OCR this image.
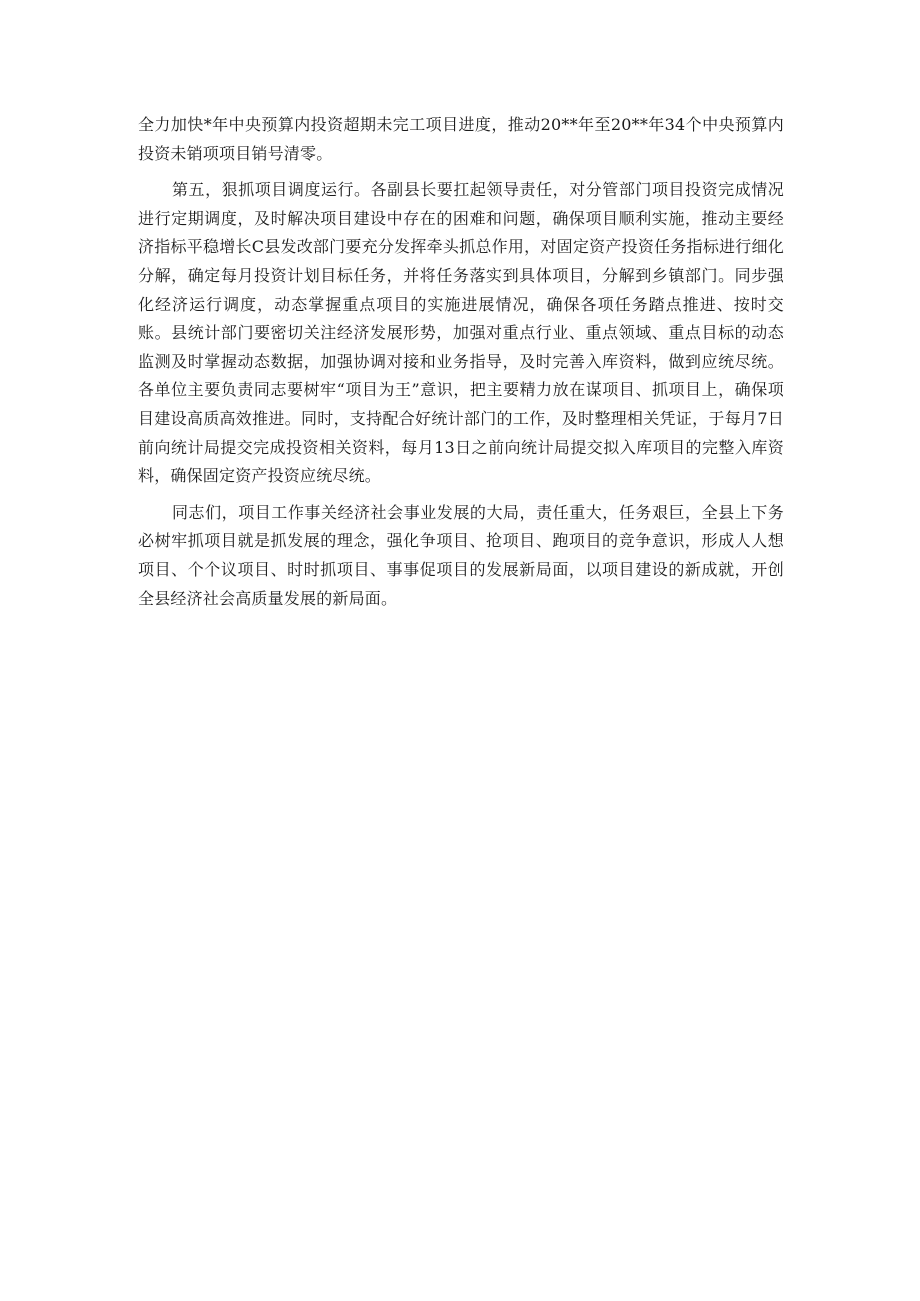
全力加快*年中央预算内投资超期未完工项目进度，推动20**年至20**年34个中央预算内投资未销项项目销号清零。

第五，狠抓项目调度运行。各副县长要扛起领导责任，对分管部门项目投资完成情况进行定期调度，及时解决项目建设中存在的困难和问题，确保项目顺利实施，推动主要经济指标平稳增长C县发改部门要充分发挥牵头抓总作用，对固定资产投资任务指标进行细化分解，确定每月投资计划目标任务，并将任务落实到具体项目，分解到乡镇部门。同步强化经济运行调度，动态掌握重点项目的实施进展情况，确保各项任务踏点推进、按时交账。县统计部门要密切关注经济发展形势，加强对重点行业、重点领域、重点目标的动态监测及时掌握动态数据，加强协调对接和业务指导，及时完善入库资料，做到应统尽统。各单位主要负责同志要树牢“项目为王”意识，把主要精力放在谋项目、抓项目上，确保项目建设高质高效推进。同时，支持配合好统计部门的工作，及时整理相关凭证，于每月7日前向统计局提交完成投资相关资料，每月13日之前向统计局提交拟入库项目的完整入库资料，确保固定资产投资应统尽统。

同志们，项目工作事关经济社会事业发展的大局，责任重大，任务艰巨，全县上下务必树牢抓项目就是抓发展的理念，强化争项目、抢项目、跑项目的竞争意识，形成人人想项目、个个议项目、时时抓项目、事事促项目的发展新局面，以项目建设的新成就，开创全县经济社会高质量发展的新局面。
